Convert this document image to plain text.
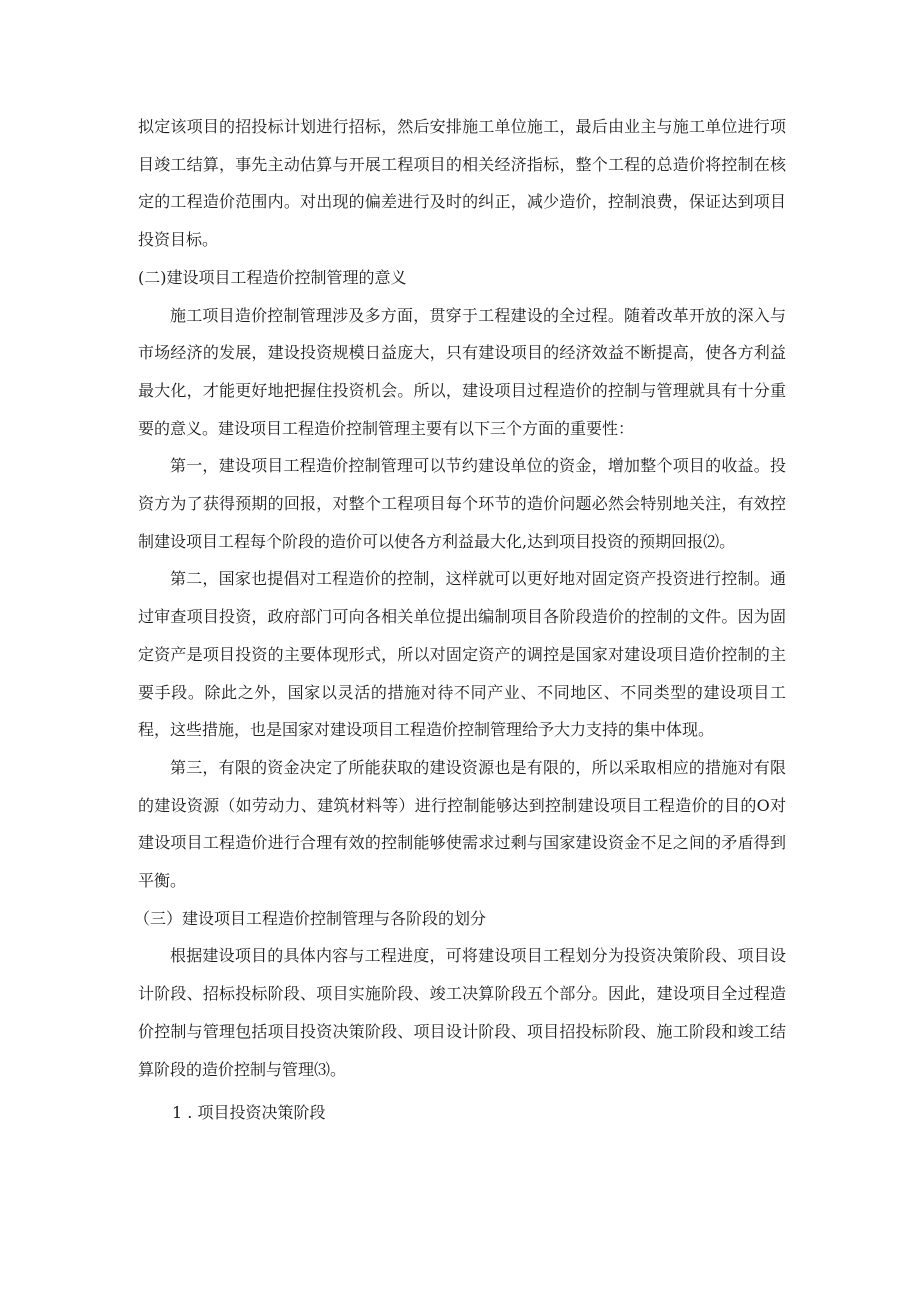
拟定该项目的招投标计划进行招标，然后安排施工单位施工，最后由业主与施工单位进行项目竣工结算，事先主动估算与开展工程项目的相关经济指标，整个工程的总造价将控制在核定的工程造价范围内。对出现的偏差进行及时的纠正，减少造价，控制浪费，保证达到项目投资目标。

(二)建设项目工程造价控制管理的意义

施工项目造价控制管理涉及多方面，贯穿于工程建设的全过程。随着改革开放的深入与市场经济的发展，建设投资规模日益庞大，只有建设项目的经济效益不断提高，使各方利益最大化，才能更好地把握住投资机会。所以，建设项目过程造价的控制与管理就具有十分重要的意义。建设项目工程造价控制管理主要有以下三个方面的重要性：

第一，建设项目工程造价控制管理可以节约建设单位的资金，增加整个项目的收益。投资方为了获得预期的回报，对整个工程项目每个环节的造价问题必然会特别地关注，有效控制建设项目工程每个阶段的造价可以使各方利益最大化,达到项目投资的预期回报⑵。

第二，国家也提倡对工程造价的控制，这样就可以更好地对固定资产投资进行控制。通过审查项目投资，政府部门可向各相关单位提出编制项目各阶段造价的控制的文件。因为固定资产是项目投资的主要体现形式，所以对固定资产的调控是国家对建设项目造价控制的主要手段。除此之外，国家以灵活的措施对待不同产业、不同地区、不同类型的建设项目工程，这些措施，也是国家对建设项目工程造价控制管理给予大力支持的集中体现。

第三，有限的资金决定了所能获取的建设资源也是有限的，所以采取相应的措施对有限的建设资源（如劳动力、建筑材料等）进行控制能够达到控制建设项目工程造价的目的O对建设项目工程造价进行合理有效的控制能够使需求过剩与国家建设资金不足之间的矛盾得到平衡。

（三）建设项目工程造价控制管理与各阶段的划分

根据建设项目的具体内容与工程进度，可将建设项目工程划分为投资决策阶段、项目设计阶段、招标投标阶段、项目实施阶段、竣工决算阶段五个部分。因此，建设项目全过程造价控制与管理包括项目投资决策阶段、项目设计阶段、项目招投标阶段、施工阶段和竣工结算阶段的造价控制与管理⑶。

1 . 项目投资决策阶段
